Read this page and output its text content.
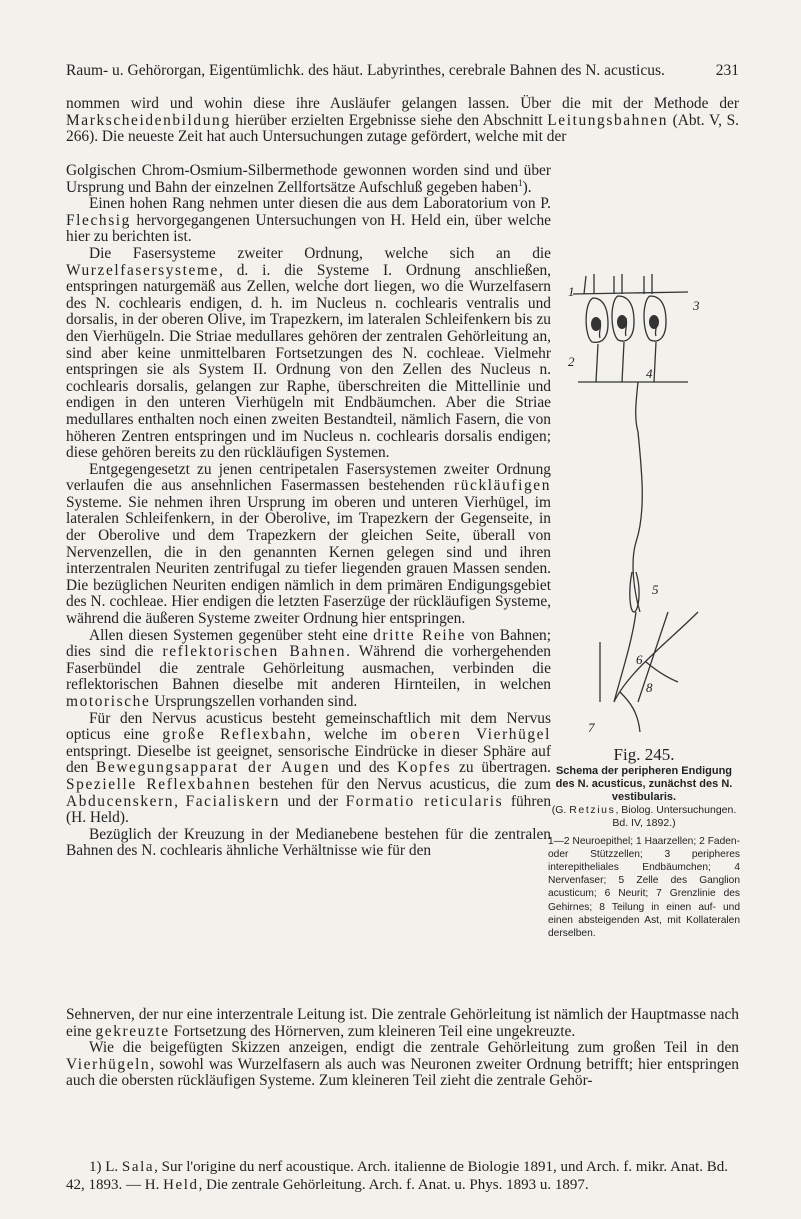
Raum- u. Gehörorgan, Eigentümlichk. des häut. Labyrinthes, cerebrale Bahnen des N. acusticus.	231

nommen wird und wohin diese ihre Ausläufer gelangen lassen. Über die mit der Methode der Markscheidenbildung hierüber erzielten Ergebnisse siehe den Abschnitt Leitungsbahnen (Abt. V, S. 266). Die neueste Zeit hat auch Untersuchungen zutage gefördert, welche mit der

Golgischen Chrom-Osmium-Silbermethode gewonnen worden sind und über Ursprung und Bahn der einzelnen Zellfortsätze Aufschluß gegeben haben$^1$).

Einen hohen Rang nehmen unter diesen die aus dem Laboratorium von P. Flechsig hervorgegangenen Untersuchungen von H. Held ein, über welche hier zu berichten ist.

Die Fasersysteme zweiter Ordnung, welche sich an die Wurzelfasersysteme, d. i. die Systeme I. Ordnung anschließen, entspringen naturgemäß aus Zellen, welche dort liegen, wo die Wurzelfasern des N. cochlearis endigen, d. h. im Nucleus n. cochlearis ventralis und dorsalis, in der oberen Olive, im Trapezkern, im lateralen Schleifenkern bis zu den Vierhügeln. Die Striae medullares gehören der zentralen Gehörleitung an, sind aber keine unmittelbaren Fortsetzungen des N. cochleae. Vielmehr entspringen sie als System II. Ordnung von den Zellen des Nucleus n. cochlearis dorsalis, gelangen zur Raphe, überschreiten die Mittellinie und endigen in den unteren Vierhügeln mit Endbäumchen. Aber die Striae medullares enthalten noch einen zweiten Bestandteil, nämlich Fasern, die von höheren Zentren entspringen und im Nucleus n. cochlearis dorsalis endigen; diese gehören bereits zu den rückläufigen Systemen.

Entgegengesetzt zu jenen centripetalen Fasersystemen zweiter Ordnung verlaufen die aus ansehnlichen Fasermassen bestehenden rückläufigen Systeme. Sie nehmen ihren Ursprung im oberen und unteren Vierhügel, im lateralen Schleifenkern, in der Oberolive, im Trapezkern der Gegenseite, in der Oberolive und dem Trapezkern der gleichen Seite, überall von Nervenzellen, die in den genannten Kernen gelegen sind und ihren interzentralen Neuriten zentrifugal zu tiefer liegenden grauen Massen senden. Die bezüglichen Neuriten endigen nämlich in dem primären Endigungsgebiet des N. cochleae. Hier endigen die letzten Faserzüge der rückläufigen Systeme, während die äußeren Systeme zweiter Ordnung hier entspringen.

Allen diesen Systemen gegenüber steht eine dritte Reihe von Bahnen; dies sind die reflektorischen Bahnen. Während die vorhergehenden Faserbündel die zentrale Gehörleitung ausmachen, verbinden die reflektorischen Bahnen dieselbe mit anderen Hirnteilen, in welchen motorische Ursprungszellen vorhanden sind.

Für den Nervus acusticus besteht gemeinschaftlich mit dem Nervus opticus eine große Reflexbahn, welche im oberen Vierhügel entspringt. Dieselbe ist geeignet, sensorische Eindrücke in dieser Sphäre auf den Bewegungsapparat der Augen und des Kopfes zu übertragen. Spezielle Reflexbahnen bestehen für den Nervus acusticus, die zum Abducenskern, Facialiskern und der Formatio reticularis führen (H. Held).

Bezüglich der Kreuzung in der Medianebene bestehen für die zentralen Bahnen des N. cochlearis ähnliche Verhältnisse wie für den

Sehnerven, der nur eine interzentrale Leitung ist. Die zentrale Gehörleitung ist nämlich der Hauptmasse nach eine gekreuzte Fortsetzung des Hörnerven, zum kleineren Teil eine ungekreuzte.

Wie die beigefügten Skizzen anzeigen, endigt die zentrale Gehörleitung zum großen Teil in den Vierhügeln, sowohl was Wurzelfasern als auch was Neuronen zweiter Ordnung betrifft; hier entspringen auch die obersten rückläufigen Systeme. Zum kleineren Teil zieht die zentrale Gehör-

1) L. Sala, Sur l'origine du nerf acoustique. Arch. italienne de Biologie 1891, und Arch. f. mikr. Anat. Bd. 42, 1893. — H. Held, Die zentrale Gehörleitung. Arch. f. Anat. u. Phys. 1893 u. 1897.

1
2
3
4
5
6
7
8
Fig. 245.
Schema der peripheren Endigung des N. acusticus, zunächst des N. vestibularis.
(G. Retzius, Biolog. Untersuchungen. Bd. IV, 1892.)
1—2 Neuroepithel; 1 Haarzellen; 2 Faden- oder Stützzellen; 3 peripheres interepitheliales Endbäumchen; 4 Nervenfaser; 5 Zelle des Ganglion acusticum; 6 Neurit; 7 Grenzlinie des Gehirnes; 8 Teilung in einen auf- und einen absteigenden Ast, mit Kollateralen derselben.
